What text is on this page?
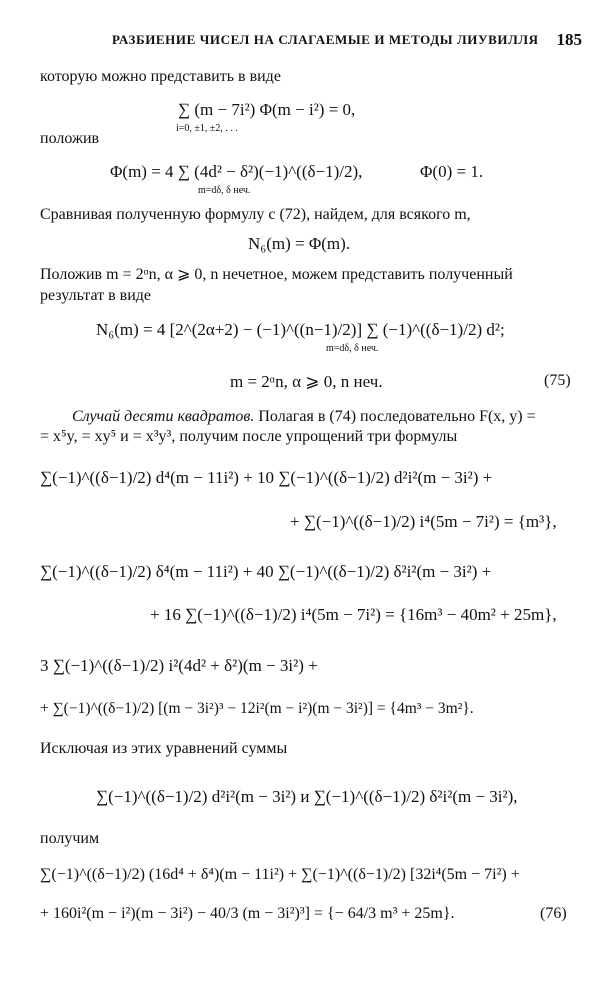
РАЗБИЕНИЕ ЧИСЕЛ НА СЛАГАЕМЫЕ И МЕТОДЫ ЛИУВИЛЛЯ 185
которую можно представить в виде
∑ (m − 7i²) Φ(m − i²) = 0,
i=0, ±1, ±2, . . .
положив
Φ(m) = 4 ∑ (4d² − δ²)(−1)^((δ−1)/2),	Φ(0) = 1.
m=dδ, δ неч.
Сравнивая полученную формулу с (72), найдем, для всякого m,
N₆(m) = Φ(m).
Положив m = 2ᵅn, α ⩾ 0, n нечетное, можем представить полученный
результат в виде
N₆(m) = 4 [2^(2α+2) − (−1)^((n−1)/2)] ∑ (−1)^((δ−1)/2) d²;
m=dδ, δ неч.
m = 2ᵅn, α ⩾ 0, n неч.	(75)
Случай десяти квадратов. Полагая в (74) последовательно F(x, y) =
= x⁵y, = xy⁵ и = x³y³, получим после упрощений три формулы
∑(−1)^((δ−1)/2) d⁴(m − 11i²) + 10 ∑(−1)^((δ−1)/2) d²i²(m − 3i²) +
+ ∑(−1)^((δ−1)/2) i⁴(5m − 7i²) = {m³},
∑(−1)^((δ−1)/2) δ⁴(m − 11i²) + 40 ∑(−1)^((δ−1)/2) δ²i²(m − 3i²) +
+ 16 ∑(−1)^((δ−1)/2) i⁴(5m − 7i²) = {16m³ − 40m² + 25m},
3 ∑(−1)^((δ−1)/2) i²(4d² + δ²)(m − 3i²) +
+ ∑(−1)^((δ−1)/2) [(m − 3i²)³ − 12i²(m − i²)(m − 3i²)] = {4m³ − 3m²}.
Исключая из этих уравнений суммы
∑(−1)^((δ−1)/2) d²i²(m − 3i²) и ∑(−1)^((δ−1)/2) δ²i²(m − 3i²),
получим
∑(−1)^((δ−1)/2) (16d⁴ + δ⁴)(m − 11i²) + ∑(−1)^((δ−1)/2) [32i⁴(5m − 7i²) +
+ 160i²(m − i²)(m − 3i²) − 40/3 (m − 3i²)³] = {− 64/3 m³ + 25m}.	(76)
